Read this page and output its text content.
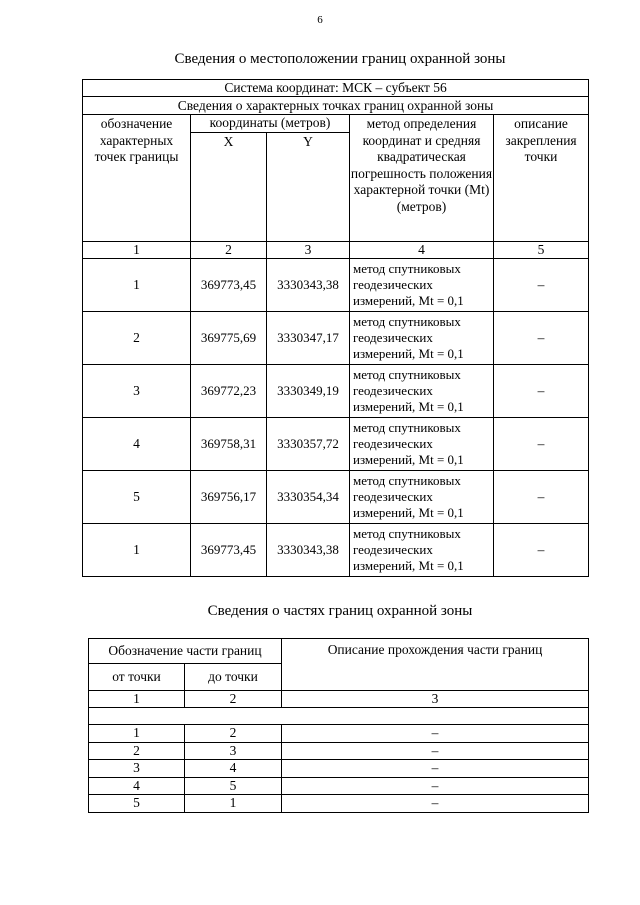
6
Сведения о местоположении границ охранной зоны
Система координат: МСК – субъект 56				
Сведения о характерных точках границ охранной зоны				
обозначение характерных точек границы	координаты (метров)		метод определения координат и средняя квадратическая погрешность положения характерной точки (Mt) (метров)	описание закрепления точки
	X	Y		
1	2	3	4	5
1	369773,45	3330343,38	метод спутниковых геодезических измерений, Mt = 0,1	–
2	369775,69	3330347,17	метод спутниковых геодезических измерений, Mt = 0,1	–
3	369772,23	3330349,19	метод спутниковых геодезических измерений, Mt = 0,1	–
4	369758,31	3330357,72	метод спутниковых геодезических измерений, Mt = 0,1	–
5	369756,17	3330354,34	метод спутниковых геодезических измерений, Mt = 0,1	–
1	369773,45	3330343,38	метод спутниковых геодезических измерений, Mt = 0,1	–
Сведения о частях границ охранной зоны
Обозначение части границ		Описание прохождения части границ
от точки	до точки	
1	2	3

1	2	–
2	3	–
3	4	–
4	5	–
5	1	–
